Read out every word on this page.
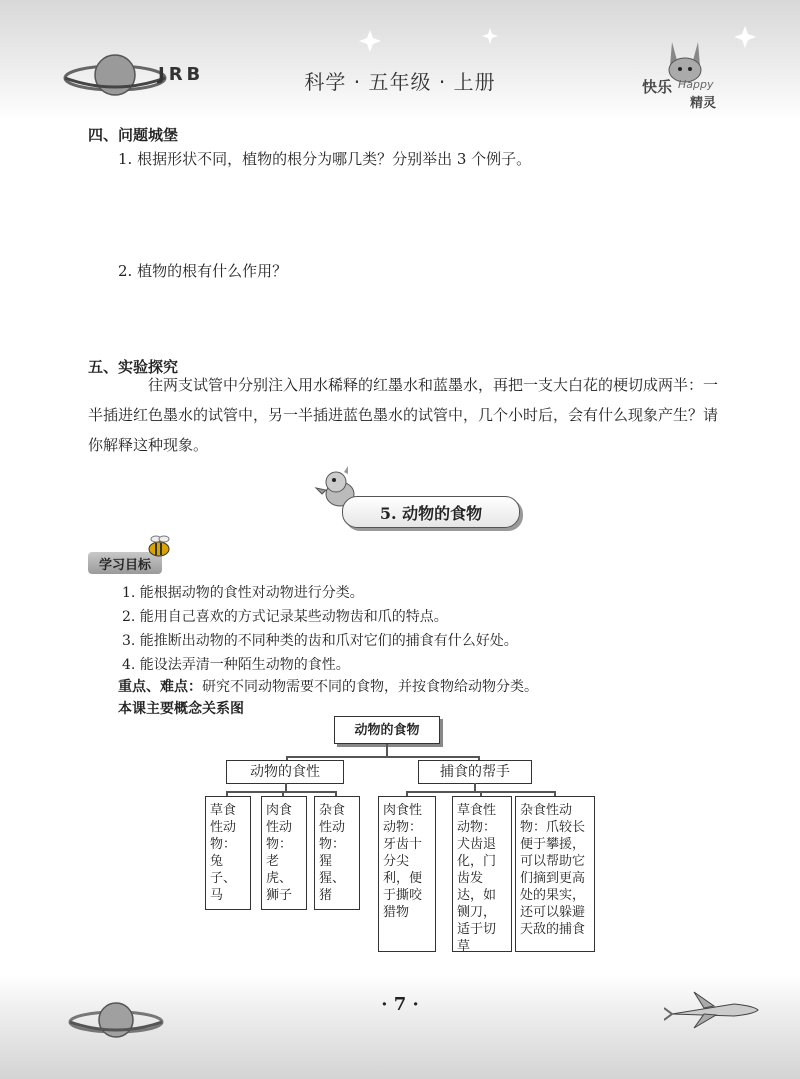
JRB	科学 · 五年级 · 上册	快乐 Happy
精灵
四、问题城堡
1. 根据形状不同，植物的根分为哪几类？分别举出 3 个例子。
2. 植物的根有什么作用？
五、实验探究
往两支试管中分别注入用水稀释的红墨水和蓝墨水，再把一支大白花的梗切成两半：一半插进红色墨水的试管中，另一半插进蓝色墨水的试管中，几个小时后，会有什么现象产生？请你解释这种现象。
5. 动物的食物
学习目标
1. 能根据动物的食性对动物进行分类。
2. 能用自己喜欢的方式记录某些动物齿和爪的特点。
3. 能推断出动物的不同种类的齿和爪对它们的捕食有什么好处。
4. 能设法弄清一种陌生动物的食性。
重点、难点：研究不同动物需要不同的食物，并按食物给动物分类。
本课主要概念关系图
动物的食物
动物的食性	捕食的帮手
草食性动物：兔子、马
肉食性动物：老虎、狮子
杂食性动物：猩猩、猪
肉食性动物：牙齿十分尖利，便于撕咬猎物
草食性动物：犬齿退化，门齿发达，如铡刀，适于切草
杂食性动物：爪较长便于攀援，可以帮助它们摘到更高处的果实，还可以躲避天敌的捕食
· 7 ·
